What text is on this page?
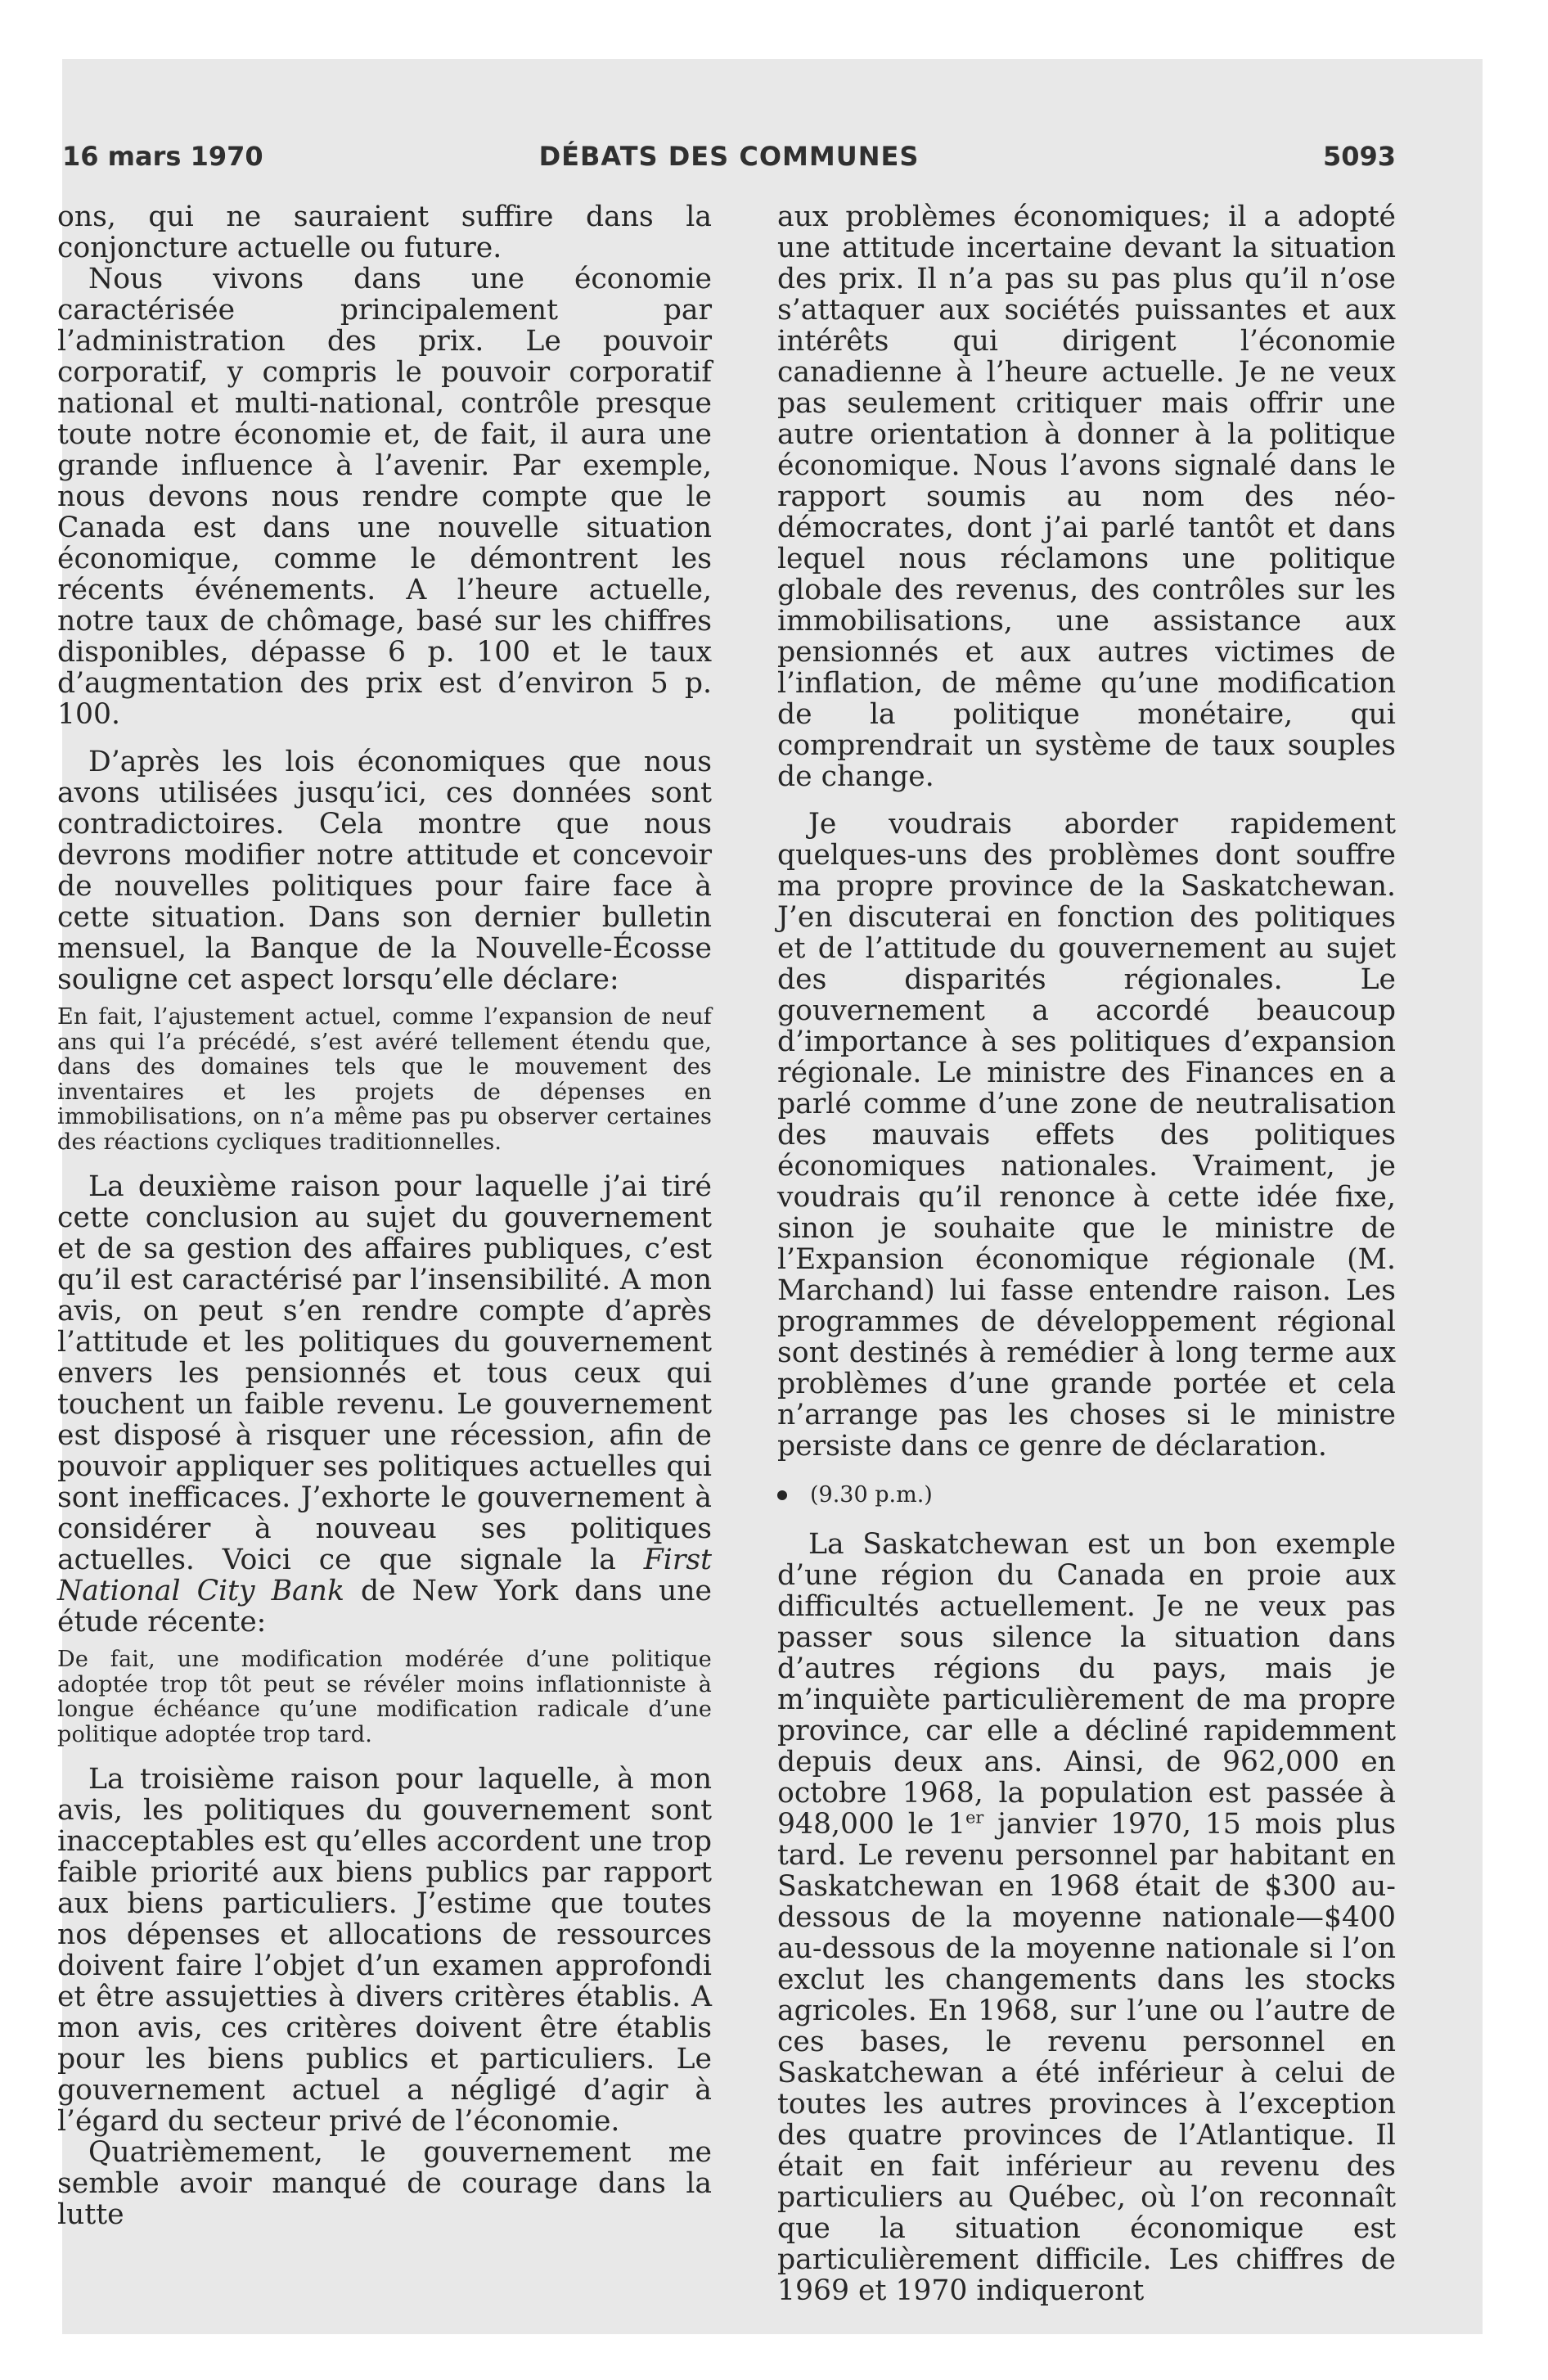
16 mars 1970	DÉBATS DES COMMUNES	5093

ons, qui ne sauraient suffire dans la conjoncture actuelle ou future.

Nous vivons dans une économie caractérisée principalement par l’administration des prix. Le pouvoir corporatif, y compris le pouvoir corporatif national et multi-national, contrôle presque toute notre économie et, de fait, il aura une grande influence à l’avenir. Par exemple, nous devons nous rendre compte que le Canada est dans une nouvelle situation économique, comme le démontrent les récents événements. A l’heure actuelle, notre taux de chômage, basé sur les chiffres disponibles, dépasse 6 p. 100 et le taux d’augmentation des prix est d’environ 5 p. 100.

D’après les lois économiques que nous avons utilisées jusqu’ici, ces données sont contradictoires. Cela montre que nous devrons modifier notre attitude et concevoir de nouvelles politiques pour faire face à cette situation. Dans son dernier bulletin mensuel, la Banque de la Nouvelle-Écosse souligne cet aspect lorsqu’elle déclare:

En fait, l’ajustement actuel, comme l’expansion de neuf ans qui l’a précédé, s’est avéré tellement étendu que, dans des domaines tels que le mouvement des inventaires et les projets de dépenses en immobilisations, on n’a même pas pu observer certaines des réactions cycliques traditionnelles.

La deuxième raison pour laquelle j’ai tiré cette conclusion au sujet du gouvernement et de sa gestion des affaires publiques, c’est qu’il est caractérisé par l’insensibilité. A mon avis, on peut s’en rendre compte d’après l’attitude et les politiques du gouvernement envers les pensionnés et tous ceux qui touchent un faible revenu. Le gouvernement est disposé à risquer une récession, afin de pouvoir appliquer ses politiques actuelles qui sont inefficaces. J’exhorte le gouvernement à considérer à nouveau ses politiques actuelles. Voici ce que signale la First National City Bank de New York dans une étude récente:

De fait, une modification modérée d’une politique adoptée trop tôt peut se révéler moins inflationniste à longue échéance qu’une modification radicale d’une politique adoptée trop tard.

La troisième raison pour laquelle, à mon avis, les politiques du gouvernement sont inacceptables est qu’elles accordent une trop faible priorité aux biens publics par rapport aux biens particuliers. J’estime que toutes nos dépenses et allocations de ressources doivent faire l’objet d’un examen approfondi et être assujetties à divers critères établis. A mon avis, ces critères doivent être établis pour les biens publics et particuliers. Le gouvernement actuel a négligé d’agir à l’égard du secteur privé de l’économie.

Quatrièmement, le gouvernement me semble avoir manqué de courage dans la lutte

aux problèmes économiques; il a adopté une attitude incertaine devant la situation des prix. Il n’a pas su pas plus qu’il n’ose s’attaquer aux sociétés puissantes et aux intérêts qui dirigent l’économie canadienne à l’heure actuelle. Je ne veux pas seulement critiquer mais offrir une autre orientation à donner à la politique économique. Nous l’avons signalé dans le rapport soumis au nom des néo-démocrates, dont j’ai parlé tantôt et dans lequel nous réclamons une politique globale des revenus, des contrôles sur les immobilisations, une assistance aux pensionnés et aux autres victimes de l’inflation, de même qu’une modification de la politique monétaire, qui comprendrait un système de taux souples de change.

Je voudrais aborder rapidement quelques-uns des problèmes dont souffre ma propre province de la Saskatchewan. J’en discuterai en fonction des politiques et de l’attitude du gouvernement au sujet des disparités régionales. Le gouvernement a accordé beaucoup d’importance à ses politiques d’expansion régionale. Le ministre des Finances en a parlé comme d’une zone de neutralisation des mauvais effets des politiques économiques nationales. Vraiment, je voudrais qu’il renonce à cette idée fixe, sinon je souhaite que le ministre de l’Expansion économique régionale (M. Marchand) lui fasse entendre raison. Les programmes de développement régional sont destinés à remédier à long terme aux problèmes d’une grande portée et cela n’arrange pas les choses si le ministre persiste dans ce genre de déclaration.

(9.30 p.m.)

La Saskatchewan est un bon exemple d’une région du Canada en proie aux difficultés actuellement. Je ne veux pas passer sous silence la situation dans d’autres régions du pays, mais je m’inquiète particulièrement de ma propre province, car elle a décliné rapidemment depuis deux ans. Ainsi, de 962,000 en octobre 1968, la population est passée à 948,000 le 1er janvier 1970, 15 mois plus tard. Le revenu personnel par habitant en Saskatchewan en 1968 était de $300 au-dessous de la moyenne nationale—$400 au-dessous de la moyenne nationale si l’on exclut les changements dans les stocks agricoles. En 1968, sur l’une ou l’autre de ces bases, le revenu personnel en Saskatchewan a été inférieur à celui de toutes les autres provinces à l’exception des quatre provinces de l’Atlantique. Il était en fait inférieur au revenu des particuliers au Québec, où l’on reconnaît que la situation économique est particulièrement difficile. Les chiffres de 1969 et 1970 indiqueront
